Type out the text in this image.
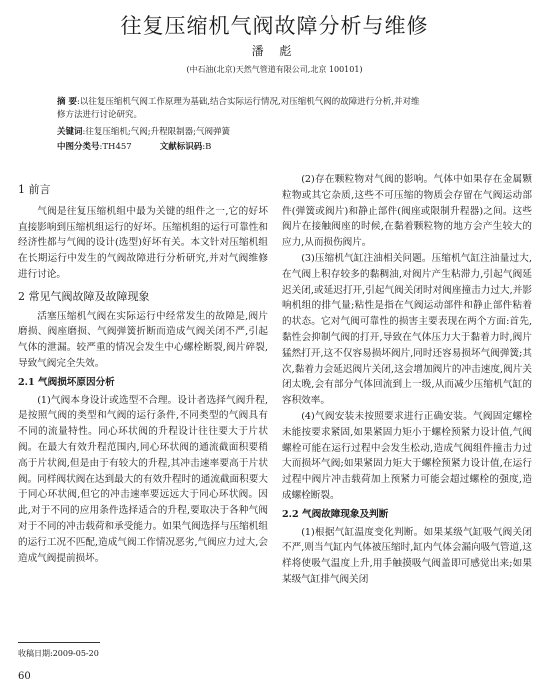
往复压缩机气阀故障分析与维修
潘 彪
(中石油(北京)天然气管道有限公司,北京 100101)
摘 要:以往复压缩机气阀工作原理为基础,结合实际运行情况,对压缩机气阀的故障进行分析,并对维
修方法进行讨论研究。
关键词:往复压缩机;气阀;升程限制器;气阀弹簧
中图分类号:TH457	文献标识码:B
1 前言

气阀是往复压缩机组中最为关键的组件之一,它的好坏直接影响到压缩机组运行的好坏。压缩机组的运行可靠性和经济性都与气阀的设计(选型)好坏有关。本文针对压缩机组在长期运行中发生的气阀故障进行分析研究,并对气阀维修进行讨论。

2 常见气阀故障及故障现象

活塞压缩机气阀在实际运行中经常发生的故障是,阀片磨损、阀座磨损、气阀弹簧折断而造成气阀关闭不严,引起气体的泄漏。较严重的情况会发生中心螺栓断裂,阀片碎裂,导致气阀完全失效。

2.1 气阀损坏原因分析

(1)气阀本身设计或选型不合理。设计者选择气阀升程,是按照气阀的类型和气阀的运行条件,不同类型的气阀具有不同的流量特性。同心环状阀的升程设计往往要大于片状阀。在最大有效升程范围内,同心环状阀的通流截面积要稍高于片状阀,但是由于有较大的升程,其冲击速率要高于片状阀。同样阀状阀在达到最大的有效升程时的通流截面积要大于同心环状阀,但它的冲击速率要远远大于同心环状阀。因此,对于不同的应用条件选择适合的升程,要取决于各种气阀对于不同的冲击载荷和承受能力。如果气阀选择与压缩机组的运行工况不匹配,造成气阀工作情况恶劣,气阀应力过大,会造成气阀提前损坏。

(2)存在颗粒物对气阀的影响。气体中如果存在金属颗粒物或其它杂质,这些不可压缩的物质会存留在气阀运动部件(弹簧或阀片)和静止部件(阀座或限制升程器)之间。这些阀片在接触阀座的时候,在黏着颗粒物的地方会产生较大的应力,从而损伤阀片。

(3)压缩机气缸注油相关问题。压缩机气缸注油量过大,在气阀上积存较多的黏稠油,对阀片产生粘滞力,引起气阀延迟关闭,或延迟打开,引起气阀关闭时对阀座撞击力过大,并影响机组的排气量;粘性是指在气阀运动部件和静止部件粘着的状态。它对气阀可靠性的损害主要表现在两个方面:首先,黏性会抑制气阀的打开,导致在气体压力大于黏着力时,阀片猛然打开,这不仅容易损坏阀片,同时还容易损坏气阀弹簧;其次,黏着力会延迟阀片关闭,这会增加阀片的冲击速度,阀片关闭太晚,会有部分气体回流到上一级,从而减少压缩机气缸的容积效率。

(4)气阀安装未按照要求进行正确安装。气阀固定螺栓未能按要求紧固,如果紧固力矩小于螺栓预紧力设计值,气阀螺栓可能在运行过程中会发生松动,造成气阀组件撞击力过大而损坏气阀;如果紧固力矩大于螺栓预紧力设计值,在运行过程中阀片冲击载荷加上预紧力可能会超过螺栓的强度,造成螺栓断裂。

2.2 气阀故障现象及判断

(1)根据气缸温度变化判断。如果某级气缸吸气阀关闭不严,则当气缸内气体被压缩时,缸内气体会漏向吸气管道,这样将使吸气温度上升,用手触摸吸气阀盖即可感觉出来;如果某级气缸排气阀关闭

收稿日期:2009-05-20
60
